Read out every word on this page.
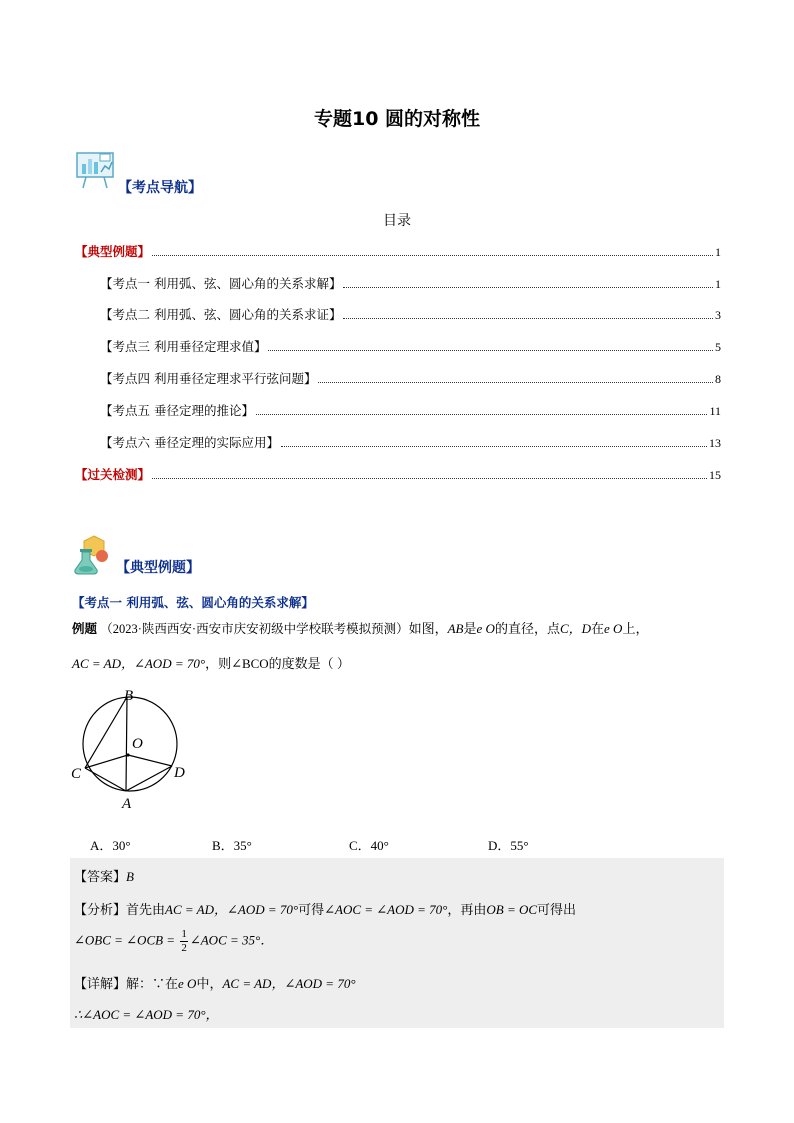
专题10 圆的对称性
【考点导航】
目录
【典型例题】	1
【考点一 利用弧、弦、圆心角的关系求解】	1
【考点二 利用弧、弦、圆心角的关系求证】	3
【考点三 利用垂径定理求值】	5
【考点四 利用垂径定理求平行弦问题】	8
【考点五 垂径定理的推论】	11
【考点六 垂径定理的实际应用】	13
【过关检测】	15
【典型例题】
【考点一 利用弧、弦、圆心角的关系求解】
例题 （2023·陕西西安·西安市庆安初级中学校联考模拟预测）如图，AB是e O的直径，点C，D在e O上，
AC = AD，∠AOD = 70°，则∠BCO的度数是（ ）
B
O
C	D
A
A．30°	B．35°	C．40°	D．55°
【答案】B
【分析】首先由AC = AD，∠AOD = 70°可得∠AOC = ∠AOD = 70°，再由OB = OC可得出
∠OBC = ∠OCB = $\frac{1}{2}$ ∠AOC = 35°．
【详解】解：∵在e O中，AC = AD，∠AOD = 70°
∴∠AOC = ∠AOD = 70°，
